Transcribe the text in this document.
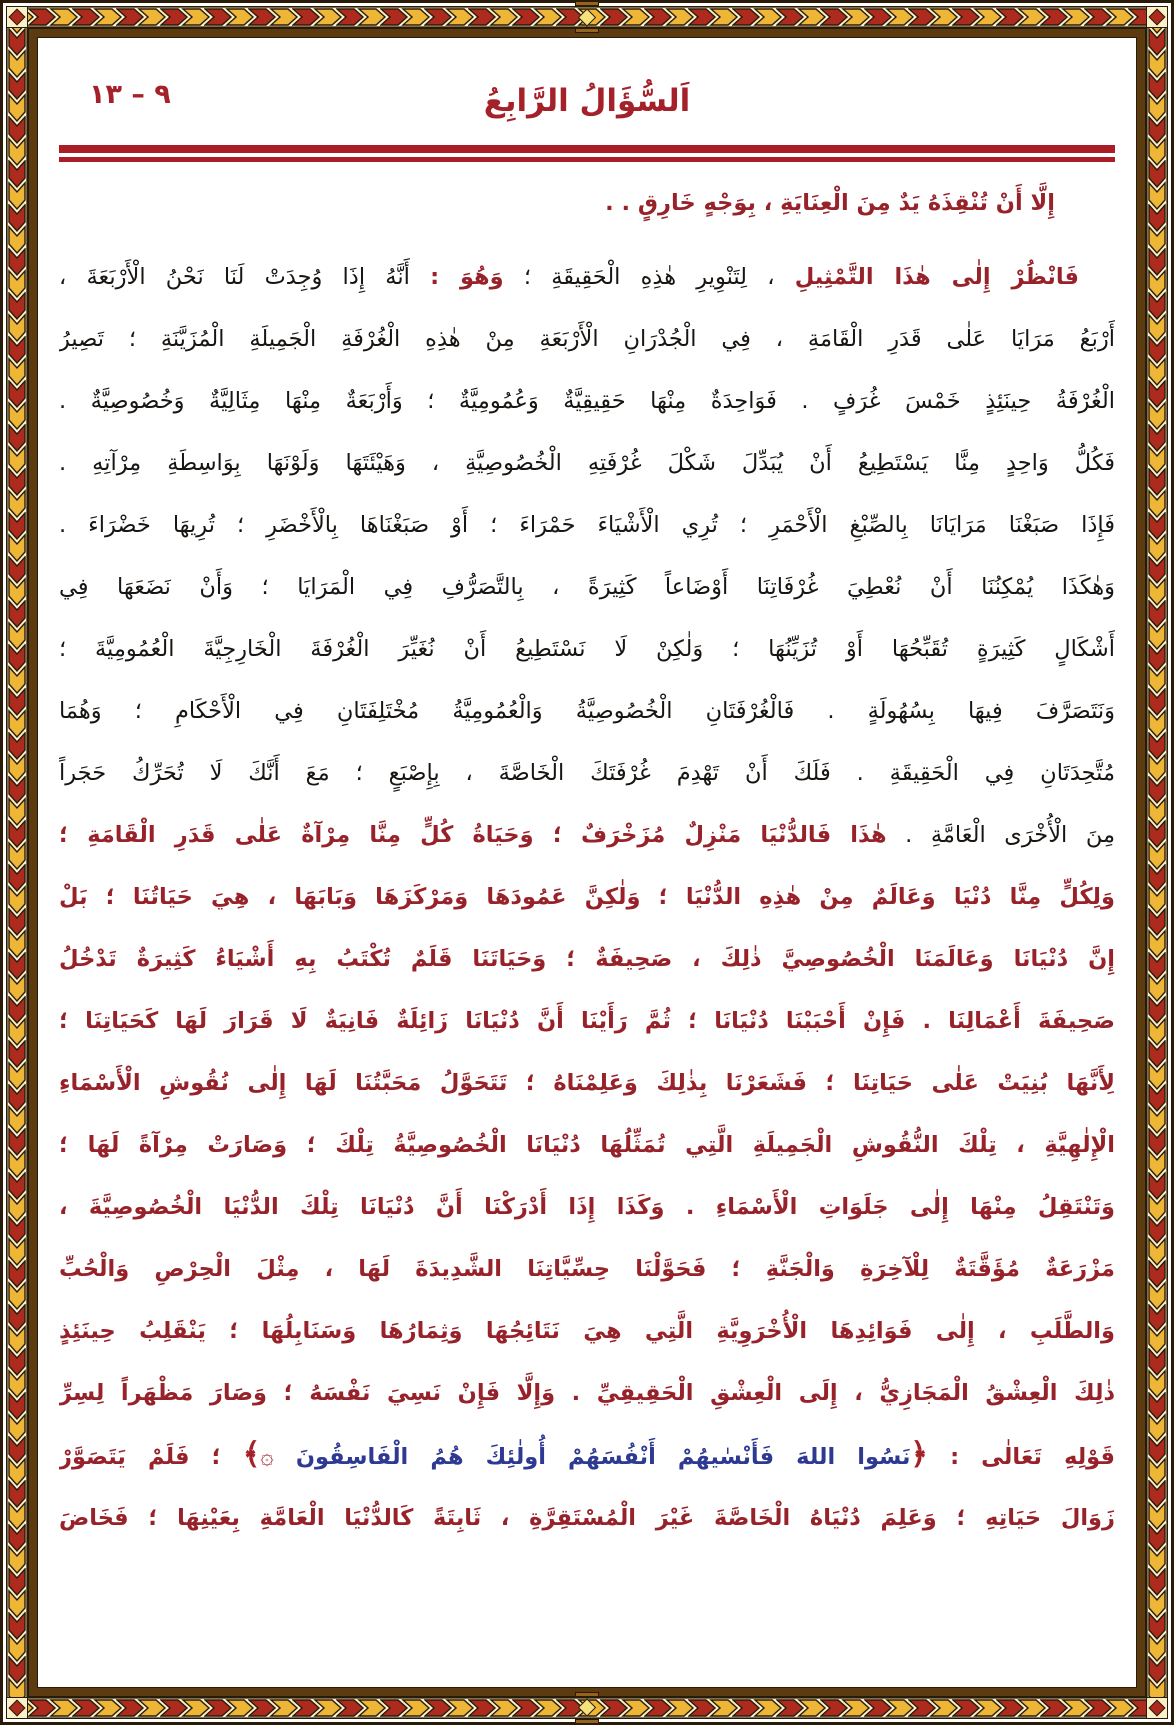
٩ – ١٣	اَلسُّؤَالُ الرَّابِعُ
إِلَّا أَنْ تُنْقِذَهُ يَدٌ مِنَ الْعِنَايَةِ ، بِوَجْهٍ خَارِقٍ . .
فَانْظُرْ إِلٰى هٰذَا التَّمْثِيلِ ، لِتَنْوِيرِ هٰذِهِ الْحَقِيقَةِ ؛ وَهُوَ : أَنَّهُ إِذَا وُجِدَتْ لَنَا نَحْنُ الْأَرْبَعَةَ ،
أَرْبَعُ مَرَايَا عَلٰى قَدَرِ الْقَامَةِ ، فِي الْجُدْرَانِ الْأَرْبَعَةِ مِنْ هٰذِهِ الْغُرْفَةِ الْجَمِيلَةِ الْمُزَيَّنَةِ ؛ تَصِيرُ
الْغُرْفَةُ حِينَئِذٍ خَمْسَ غُرَفٍ . فَوَاحِدَةٌ مِنْهَا حَقِيقِيَّةٌ وَعُمُومِيَّةٌ ؛ وَأَرْبَعَةٌ مِنْهَا مِثَالِيَّةٌ وَخُصُوصِيَّةٌ .
فَكُلُّ وَاحِدٍ مِنَّا يَسْتَطِيعُ أَنْ يُبَدِّلَ شَكْلَ غُرْفَتِهِ الْخُصُوصِيَّةِ ، وَهَيْئَتَهَا وَلَوْنَهَا بِوَاسِطَةِ مِرْآتِهِ .
فَإِذَا صَبَغْنَا مَرَايَانَا بِالصِّبْغِ الْأَحْمَرِ ؛ تُرِي الْأَشْيَاءَ حَمْرَاءَ ؛ أَوْ صَبَغْنَاهَا بِالْأَخْضَرِ ؛ تُرِيهَا خَضْرَاءَ .
وَهٰكَذَا يُمْكِنُنَا أَنْ نُعْطِيَ غُرْفَاتِنَا أَوْضَاعاً كَثِيرَةً ، بِالتَّصَرُّفِ فِي الْمَرَايَا ؛ وَأَنْ نَضَعَهَا فِي
أَشْكَالٍ كَثِيرَةٍ تُقَبِّحُهَا أَوْ تُزَيِّنُهَا ؛ وَلٰكِنْ لَا نَسْتَطِيعُ أَنْ نُغَيِّرَ الْغُرْفَةَ الْخَارِجِيَّةَ الْعُمُومِيَّةَ ؛
وَنَتَصَرَّفَ فِيهَا بِسُهُولَةٍ . فَالْغُرْفَتَانِ الْخُصُوصِيَّةُ وَالْعُمُومِيَّةُ مُخْتَلِفَتَانِ فِي الْأَحْكَامِ ؛ وَهُمَا
مُتَّحِدَتَانِ فِي الْحَقِيقَةِ . فَلَكَ أَنْ تَهْدِمَ غُرْفَتَكَ الْخَاصَّةَ ، بِإِصْبَعٍ ؛ مَعَ أَنَّكَ لَا تُحَرِّكُ حَجَراً
مِنَ الْأُخْرَى الْعَامَّةِ . هٰذَا فَالدُّنْيَا مَنْزِلٌ مُزَخْرَفٌ ؛ وَحَيَاةُ كُلٍّ مِنَّا مِرْآةٌ عَلٰى قَدَرِ الْقَامَةِ ؛
وَلِكُلٍّ مِنَّا دُنْيَا وَعَالَمٌ مِنْ هٰذِهِ الدُّنْيَا ؛ وَلٰكِنَّ عَمُودَهَا وَمَرْكَزَهَا وَبَابَهَا ، هِيَ حَيَاتُنَا ؛ بَلْ
إِنَّ دُنْيَانَا وَعَالَمَنَا الْخُصُوصِيَّ ذٰلِكَ ، صَحِيفَةٌ ؛ وَحَيَاتَنَا قَلَمٌ تُكْتَبُ بِهِ أَشْيَاءُ كَثِيرَةٌ تَدْخُلُ
صَحِيفَةَ أَعْمَالِنَا . فَإِنْ أَحْبَبْنَا دُنْيَانَا ؛ ثُمَّ رَأَيْنَا أَنَّ دُنْيَانَا زَائِلَةٌ فَانِيَةٌ لَا قَرَارَ لَهَا كَحَيَاتِنَا ؛
لِأَنَّهَا بُنِيَتْ عَلٰى حَيَاتِنَا ؛ فَشَعَرْنَا بِذٰلِكَ وَعَلِمْنَاهُ ؛ تَتَحَوَّلُ مَحَبَّتُنَا لَهَا إِلٰى نُقُوشِ الْأَسْمَاءِ
الْإِلٰهِيَّةِ ، تِلْكَ النُّقُوشِ الْجَمِيلَةِ الَّتِي تُمَثِّلُهَا دُنْيَانَا الْخُصُوصِيَّةُ تِلْكَ ؛ وَصَارَتْ مِرْآةً لَهَا ؛
وَتَنْتَقِلُ مِنْهَا إِلٰى جَلَوَاتِ الْأَسْمَاءِ . وَكَذَا إِذَا أَدْرَكْنَا أَنَّ دُنْيَانَا تِلْكَ الدُّنْيَا الْخُصُوصِيَّةَ ،
مَزْرَعَةٌ مُؤَقَّتَةٌ لِلْآخِرَةِ وَالْجَنَّةِ ؛ فَحَوَّلْنَا حِسِّيَّاتِنَا الشَّدِيدَةَ لَهَا ، مِثْلَ الْحِرْصِ وَالْحُبِّ
وَالطَّلَبِ ، إِلٰى فَوَائِدِهَا الْأُخْرَوِيَّةِ الَّتِي هِيَ نَتَائِجُهَا وَثِمَارُهَا وَسَنَابِلُهَا ؛ يَنْقَلِبُ حِينَئِذٍ
ذٰلِكَ الْعِشْقُ الْمَجَازِيُّ ، إِلَى الْعِشْقِ الْحَقِيقِيِّ . وَإِلَّا فَإِنْ نَسِيَ نَفْسَهُ ؛ وَصَارَ مَظْهَراً لِسِرِّ
قَوْلِهِ تَعَالٰى : ﴿نَسُوا اللهَ فَأَنْسٰيهُمْ أَنْفُسَهُمْ أُولٰئِكَ هُمُ الْفَاسِقُونَ ۞﴾ ؛ فَلَمْ يَتَصَوَّرْ
زَوَالَ حَيَاتِهِ ؛ وَعَلِمَ دُنْيَاهُ الْخَاصَّةَ غَيْرَ الْمُسْتَقِرَّةِ ، ثَابِتَةً كَالدُّنْيَا الْعَامَّةِ بِعَيْنِهَا ؛ فَخَاضَ
